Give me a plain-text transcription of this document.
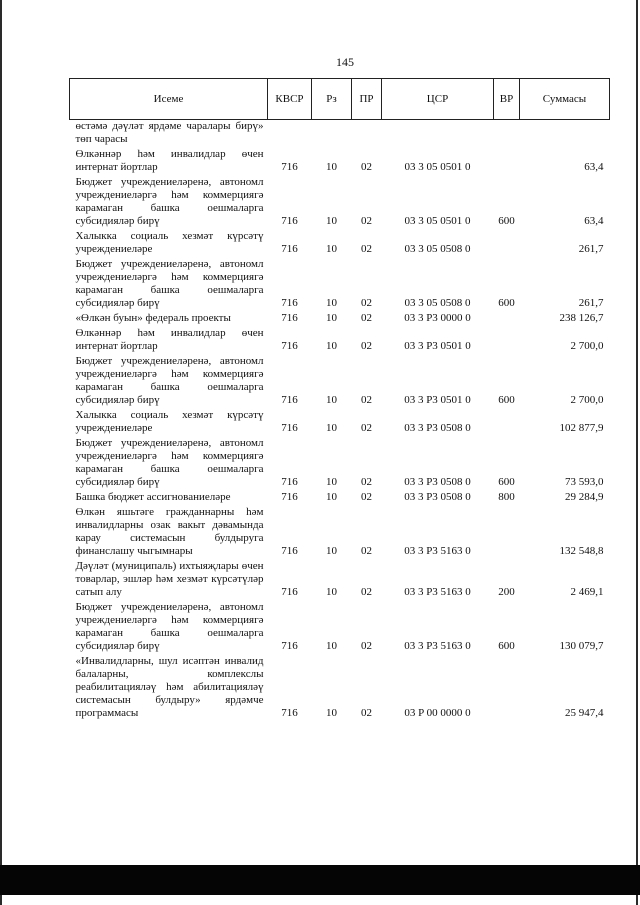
145
Исеме	КВСР	Рз	ПР	ЦСР	ВР	Суммасы
өстәмә дәүләт ярдәме чаралары бирү» төп чарасы						
Өлкәннәр һәм инвалидлар өчен интернат йортлар	716	10	02	03 3 05 0501 0		63,4
Бюджет учреждениеләренә, автономл учреждениеләргә һәм коммерциягә карамаган башка оешмаларга субсидияләр бирү	716	10	02	03 3 05 0501 0	600	63,4
Халыкка социаль хезмәт күрсәтү учреждениеләре	716	10	02	03 3 05 0508 0		261,7
Бюджет учреждениеләренә, автономл учреждениеләргә һәм коммерциягә карамаган башка оешмаларга субсидияләр бирү	716	10	02	03 3 05 0508 0	600	261,7
«Өлкән буын» федераль проекты	716	10	02	03 3 P3 0000 0		238 126,7
Өлкәннәр һәм инвалидлар өчен интернат йортлар	716	10	02	03 3 P3 0501 0		2 700,0
Бюджет учреждениеләренә, автономл учреждениеләргә һәм коммерциягә карамаган башка оешмаларга субсидияләр бирү	716	10	02	03 3 P3 0501 0	600	2 700,0
Халыкка социаль хезмәт күрсәтү учреждениеләре	716	10	02	03 3 P3 0508 0		102 877,9
Бюджет учреждениеләренә, автономл учреждениеләргә һәм коммерциягә карамаган башка оешмаларга субсидияләр бирү	716	10	02	03 3 P3 0508 0	600	73 593,0
Башка бюджет ассигнованиеләре	716	10	02	03 3 P3 0508 0	800	29 284,9
Өлкән яшьтәге гражданнарны һәм инвалидларны озак вакыт дәвамында карау системасын булдыруга финанслашу чыгымнары	716	10	02	03 3 P3 5163 0		132 548,8
Дәүләт (муниципаль) ихтыяҗлары өчен товарлар, эшләр һәм хезмәт күрсәтүләр сатып алу	716	10	02	03 3 P3 5163 0	200	2 469,1
Бюджет учреждениеләренә, автономл учреждениеләргә һәм коммерциягә карамаган башка оешмаларга субсидияләр бирү	716	10	02	03 3 P3 5163 0	600	130 079,7
«Инвалидларны, шул исәптән инвалид балаларны, комплекслы реабилитацияләү һәм абилитацияләү системасын булдыру» ярдәмче программасы	716	10	02	03 P 00 0000 0		25 947,4
